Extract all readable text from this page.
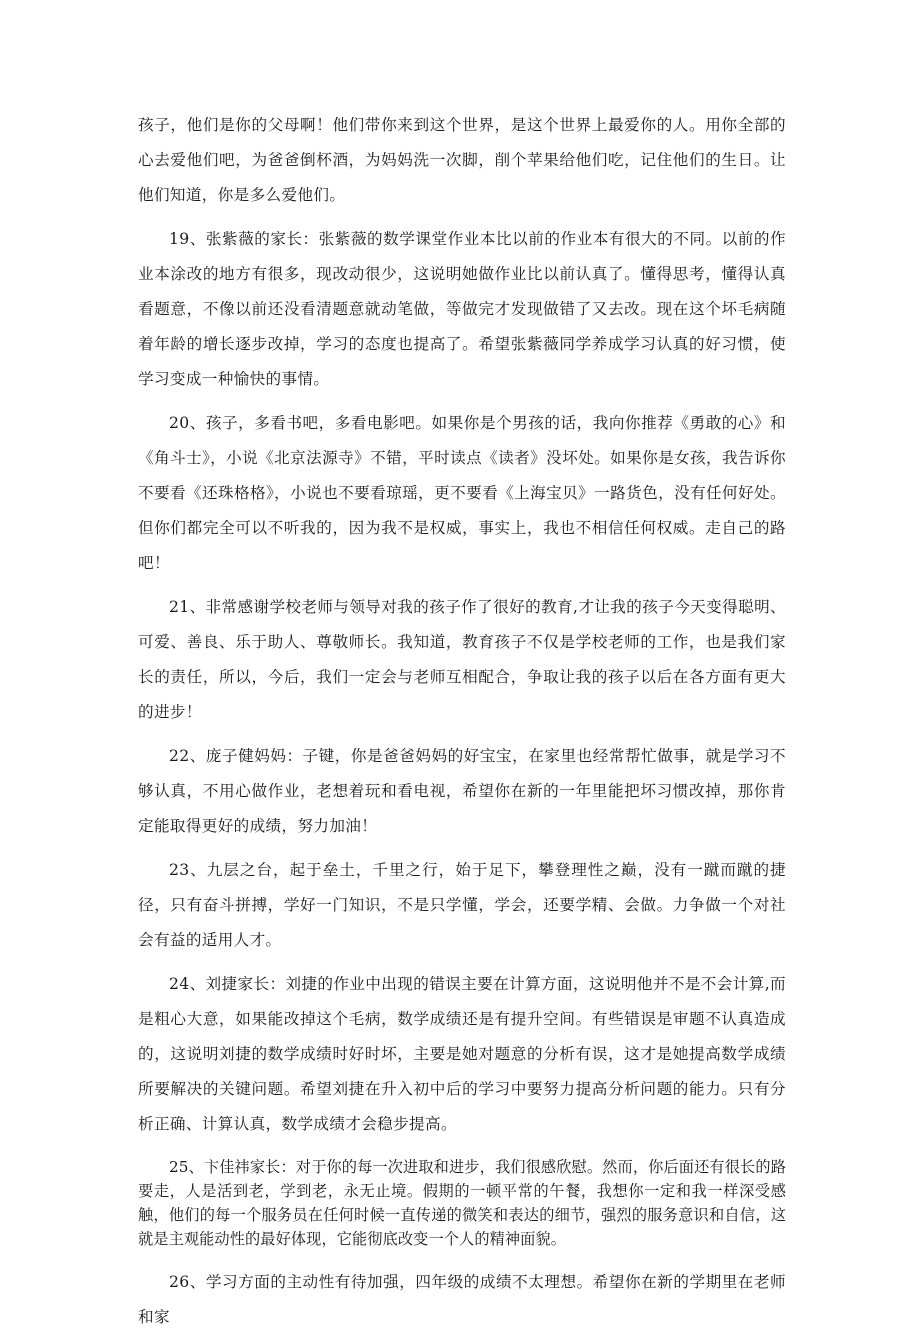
孩子，他们是你的父母啊！他们带你来到这个世界，是这个世界上最爱你的人。用你全部的心去爱他们吧，为爸爸倒杯酒，为妈妈洗一次脚，削个苹果给他们吃，记住他们的生日。让他们知道，你是多么爱他们。

19、张紫薇的家长：张紫薇的数学课堂作业本比以前的作业本有很大的不同。以前的作业本涂改的地方有很多，现改动很少，这说明她做作业比以前认真了。懂得思考，懂得认真看题意，不像以前还没看清题意就动笔做，等做完才发现做错了又去改。现在这个坏毛病随着年龄的增长逐步改掉，学习的态度也提高了。希望张紫薇同学养成学习认真的好习惯，使学习变成一种愉快的事情。

20、孩子，多看书吧，多看电影吧。如果你是个男孩的话，我向你推荐《勇敢的心》和《角斗士》，小说《北京法源寺》不错，平时读点《读者》没坏处。如果你是女孩，我告诉你不要看《还珠格格》，小说也不要看琼瑶，更不要看《上海宝贝》一路货色，没有任何好处。但你们都完全可以不听我的，因为我不是权威，事实上，我也不相信任何权威。走自己的路吧！

21、非常感谢学校老师与领导对我的孩子作了很好的教育,才让我的孩子今天变得聪明、可爱、善良、乐于助人、尊敬师长。我知道，教育孩子不仅是学校老师的工作，也是我们家长的责任，所以，今后，我们一定会与老师互相配合，争取让我的孩子以后在各方面有更大的进步！

22、庞子健妈妈：子键，你是爸爸妈妈的好宝宝，在家里也经常帮忙做事，就是学习不够认真，不用心做作业，老想着玩和看电视，希望你在新的一年里能把坏习惯改掉，那你肯定能取得更好的成绩，努力加油！

23、九层之台，起于垒土，千里之行，始于足下，攀登理性之巅，没有一蹴而蹴的捷径，只有奋斗拼搏，学好一门知识，不是只学懂，学会，还要学精、会做。力争做一个对社会有益的适用人才。

24、刘捷家长：刘捷的作业中出现的错误主要在计算方面，这说明他并不是不会计算,而是粗心大意，如果能改掉这个毛病，数学成绩还是有提升空间。有些错误是审题不认真造成的，这说明刘捷的数学成绩时好时坏，主要是她对题意的分析有误，这才是她提高数学成绩所要解决的关键问题。希望刘捷在升入初中后的学习中要努力提高分析问题的能力。只有分析正确、计算认真，数学成绩才会稳步提高。

25、卞佳祎家长：对于你的每一次进取和进步，我们很感欣慰。然而，你后面还有很长的路要走，人是活到老，学到老，永无止境。假期的一顿平常的午餐，我想你一定和我一样深受感触，他们的每一个服务员在任何时候一直传递的微笑和表达的细节，强烈的服务意识和自信，这就是主观能动性的最好体现，它能彻底改变一个人的精神面貌。

26、学习方面的主动性有待加强，四年级的成绩不太理想。希望你在新的学期里在老师和家
